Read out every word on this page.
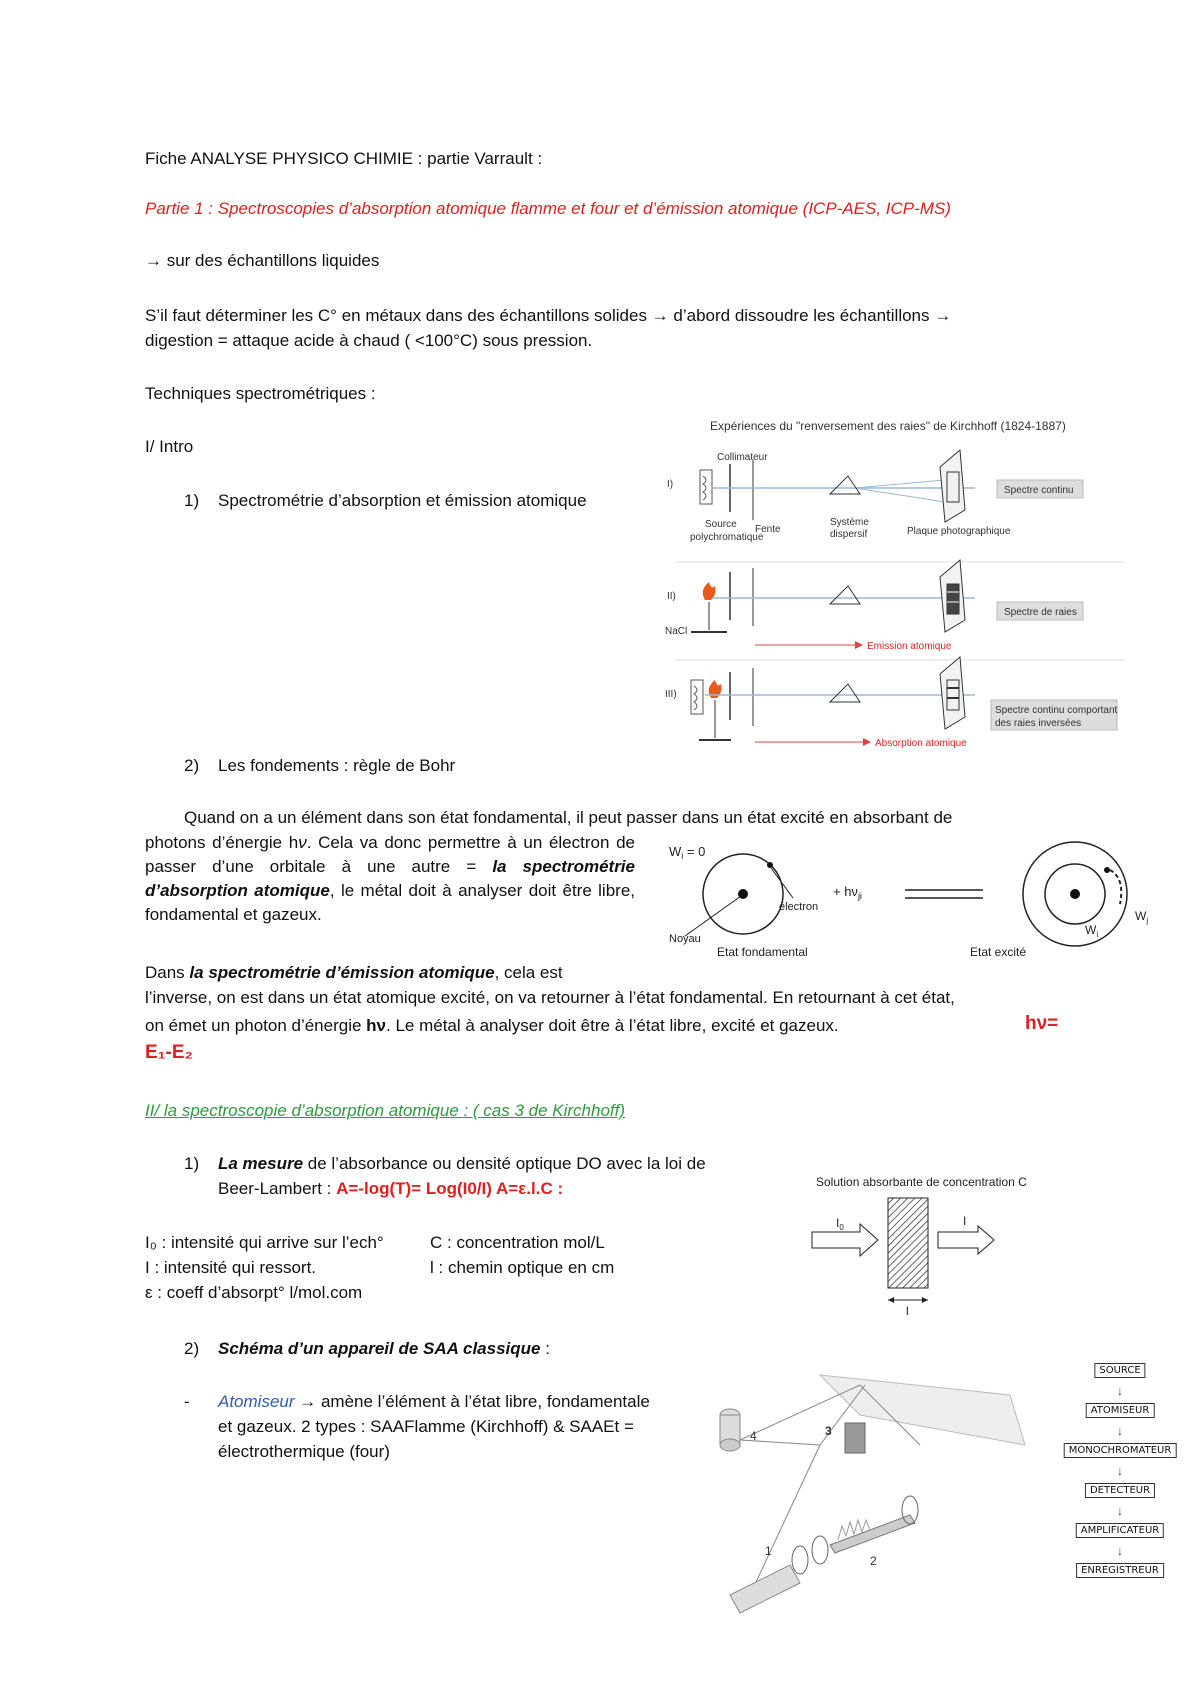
Fiche ANALYSE PHYSICO CHIMIE : partie Varrault :
Partie 1 : Spectroscopies d’absorption atomique flamme et four et d’émission atomique (ICP-AES, ICP-MS)
→ sur des échantillons liquides
S’il faut déterminer les C° en métaux dans des échantillons solides → d’abord dissoudre les échantillons →
digestion = attaque acide à chaud ( <100°C) sous pression.
Techniques spectrométriques :
I/ Intro
1) Spectrométrie d’absorption et émission atomique
Expériences du "renversement des raies" de Kirchhoff (1824-1887)
Collimateur
I)
Spectre continu
Source
polychromatique
Fente
Système
dispersif	Plaque photographique
II)
NaCl
Spectre de raies
Emission atomique
III)
Spectre continu comportant
des raies inversées
Absorption atomique
2) Les fondements : règle de Bohr
Quand on a un élément dans son état fondamental, il peut passer dans un état excité en absorbant de
photons d’énergie hν. Cela va donc permettre à un électron de passer d’une orbitale à une autre = la spectrométrie d’absorption atomique, le métal doit à analyser doit être libre, fondamental et gazeux.
$W_i = 0$
électron
+ $h\nu_{ji}$
Noyau
Etat fondamental
$W_j$
$W_i$
Etat excité
Dans la spectrométrie d’émission atomique, cela est
l’inverse, on est dans un état atomique excité, on va retourner à l’état fondamental. En retournant à cet état,
on émet un photon d’énergie hν. Le métal à analyser doit être à l’état libre, excité et gazeux.	hν=
E₁-E₂
II/ la spectroscopie d’absorption atomique : ( cas 3 de Kirchhoff)
1) La mesure de l’absorbance ou densité optique DO avec la loi de
Beer-Lambert : A=-log(T)= Log(I0/I) A=ε.l.C :
I₀ : intensité qui arrive sur l’ech°
I : intensité qui ressort.
ε : coeff d’absorpt° l/mol.com
C : concentration mol/L
l : chemin optique en cm
Solution absorbante de concentration C
$I_0$	I
l
2) Schéma d’un appareil de SAA classique :
- Atomiseur → amène l’élément à l’état libre, fondamentale
et gazeux. 2 types : SAAFlamme (Kirchhoff) & SAAEt =
électrothermique (four)
3
4
2
1
SOURCE
↓
ATOMISEUR
↓
MONOCHROMATEUR
↓
DETECTEUR
↓
AMPLIFICATEUR
↓
ENREGISTREUR
